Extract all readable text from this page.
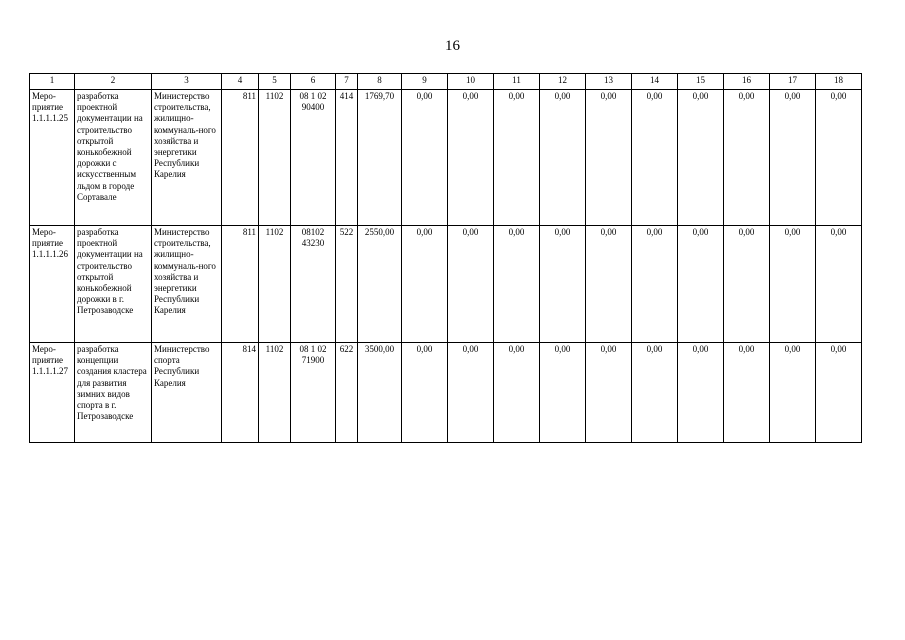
16
1	2	3	4	5	6	7	8	9	10	11	12	13	14	15	16	17	18
Меро-приятие 1.1.1.1.25	разработка проектной документации на строительство открытой конькобежной дорожки с искусственным льдом в городе Сортавале	Министерство строительства, жилищно-коммуналь-ного хозяйства и энергетики Республики Карелия	811	1102	08 1 02 90400	414	1769,70	0,00	0,00	0,00	0,00	0,00	0,00	0,00	0,00	0,00	0,00
Меро-приятие 1.1.1.1.26	разработка проектной документации на строительство открытой конькобежной дорожки в г. Петрозаводске	Министерство строительства, жилищно-коммуналь-ного хозяйства и энергетики Республики Карелия	811	1102	08102 43230	522	2550,00	0,00	0,00	0,00	0,00	0,00	0,00	0,00	0,00	0,00	0,00
Меро-приятие 1.1.1.1.27	разработка концепции создания кластера для развития зимних видов спорта в г. Петрозаводске	Министерство спорта Республики Карелия	814	1102	08 1 02 71900	622	3500,00	0,00	0,00	0,00	0,00	0,00	0,00	0,00	0,00	0,00	0,00
